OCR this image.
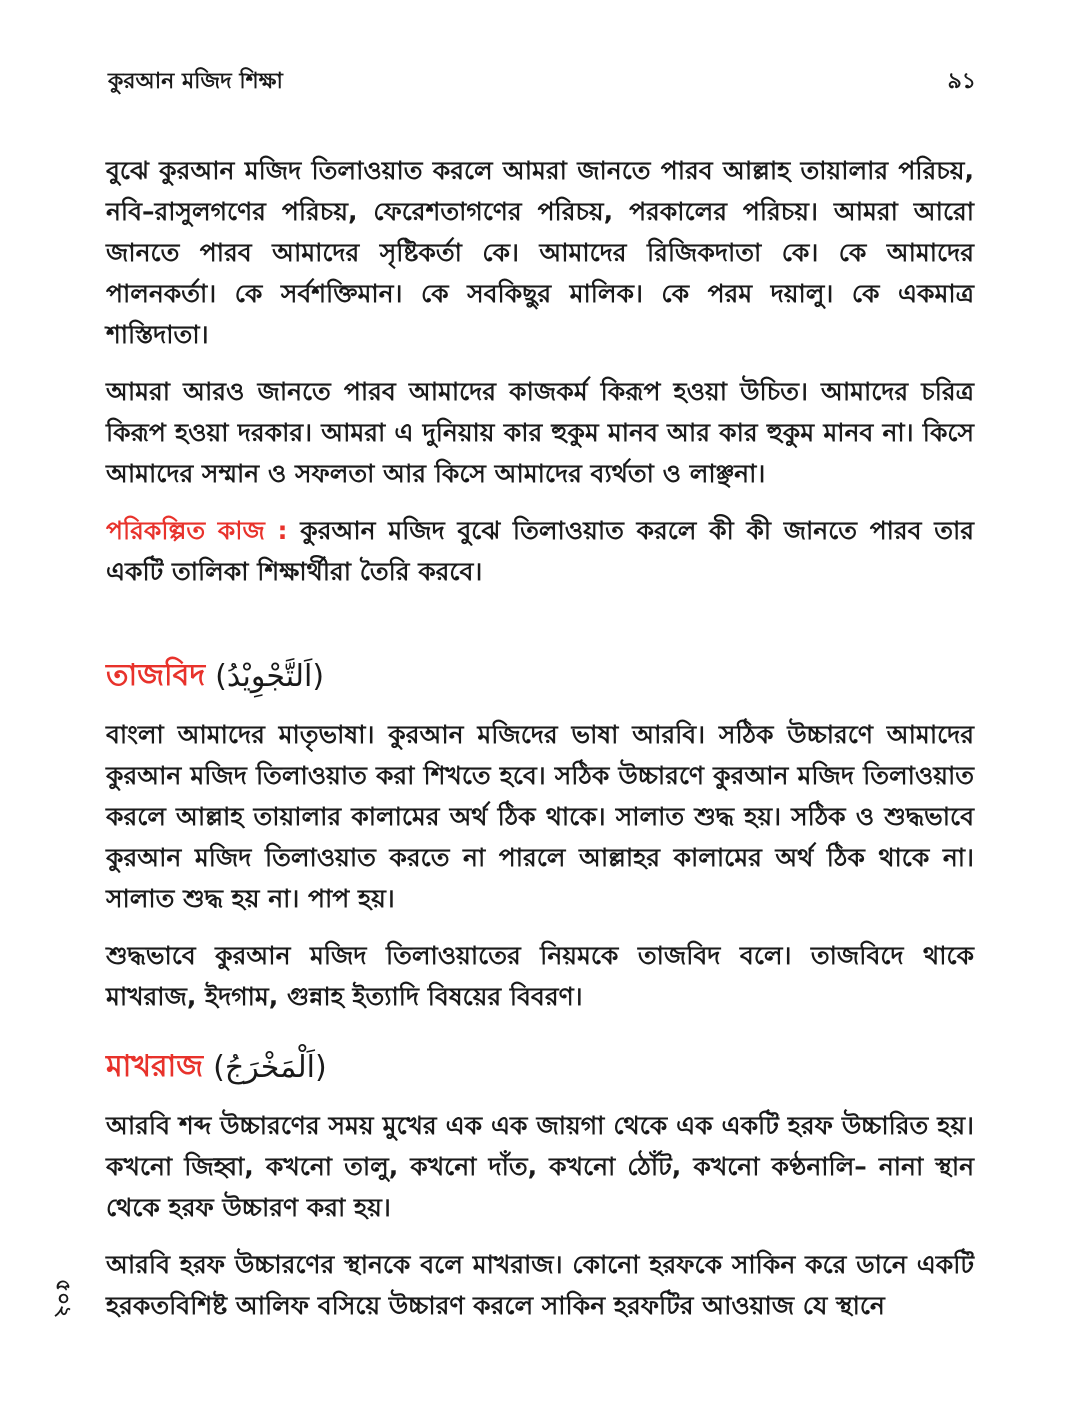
কুরআন মজিদ শিক্ষা	৯১

বুঝে কুরআন মজিদ তিলাওয়াত করলে আমরা জানতে পারব আল্লাহ তায়ালার পরিচয়, নবি–রাসুলগণের পরিচয়, ফেরেশতাগণের পরিচয়, পরকালের পরিচয়। আমরা আরো জানতে পারব আমাদের সৃষ্টিকর্তা কে। আমাদের রিজিকদাতা কে। কে আমাদের পালনকর্তা। কে সর্বশক্তিমান। কে সবকিছুর মালিক। কে পরম দয়ালু। কে একমাত্র শাস্তিদাতা।

আমরা আরও জানতে পারব আমাদের কাজকর্ম কিরূপ হওয়া উচিত। আমাদের চরিত্র কিরূপ হওয়া দরকার। আমরা এ দুনিয়ায় কার হুকুম মানব আর কার হুকুম মানব না। কিসে আমাদের সম্মান ও সফলতা আর কিসে আমাদের ব্যর্থতা ও লাঞ্ছনা।

পরিকল্পিত কাজ : কুরআন মজিদ বুঝে তিলাওয়াত করলে কী কী জানতে পারব তার একটি তালিকা শিক্ষার্থীরা তৈরি করবে।

তাজবিদ (اَلتَّجْوِيْدُ)

বাংলা আমাদের মাতৃভাষা। কুরআন মজিদের ভাষা আরবি। সঠিক উচ্চারণে আমাদের কুরআন মজিদ তিলাওয়াত করা শিখতে হবে। সঠিক উচ্চারণে কুরআন মজিদ তিলাওয়াত করলে আল্লাহ তায়ালার কালামের অর্থ ঠিক থাকে। সালাত শুদ্ধ হয়। সঠিক ও শুদ্ধভাবে কুরআন মজিদ তিলাওয়াত করতে না পারলে আল্লাহর কালামের অর্থ ঠিক থাকে না। সালাত শুদ্ধ হয় না। পাপ হয়।

শুদ্ধভাবে কুরআন মজিদ তিলাওয়াতের নিয়মকে তাজবিদ বলে। তাজবিদে থাকে মাখরাজ, ইদগাম, গুন্নাহ ইত্যাদি বিষয়ের বিবরণ।

মাখরাজ (اَلْمَخْرَجُ)

আরবি শব্দ উচ্চারণের সময় মুখের এক এক জায়গা থেকে এক একটি হরফ উচ্চারিত হয়। কখনো জিহ্বা, কখনো তালু, কখনো দাঁত, কখনো ঠোঁট, কখনো কণ্ঠনালি– নানা স্থান থেকে হরফ উচ্চারণ করা হয়।

আরবি হরফ উচ্চারণের স্থানকে বলে মাখরাজ। কোনো হরফকে সাকিন করে ডানে একটি হরকতবিশিষ্ট আলিফ বসিয়ে উচ্চারণ করলে সাকিন হরফটির আওয়াজ যে স্থানে

৫০২
